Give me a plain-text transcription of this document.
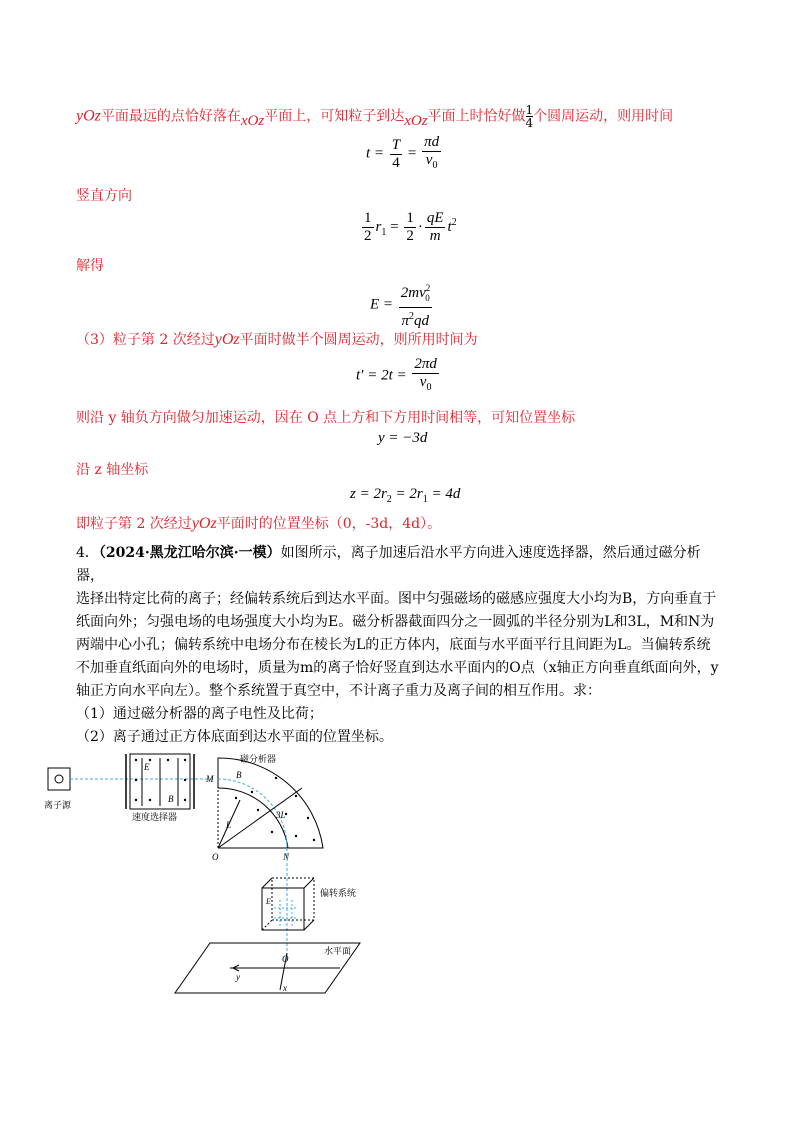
yOz平面最远的点恰好落在xOz平面上，可知粒子到达xOz平面上时恰好做 $\frac{1}{4}$ 个圆周运动，则用时间
$t = \frac{T}{4} = \frac{\pi d}{v_0}$
竖直方向
$\frac{1}{2} r_1 = \frac{1}{2} \cdot \frac{qE}{m} t^2$
解得
$E = \frac{2mv^2_0}{\pi^2qd}$
（3）粒子第 2 次经过yOz平面时做半个圆周运动，则所用时间为
$t' = 2t = \frac{2\pi d}{v_0}$
则沿 y 轴负方向做匀加速运动，因在 O 点上方和下方用时间相等，可知位置坐标
y = −3d
沿 z 轴坐标
$z = 2r_2 = 2r_1 = 4d$
即粒子第 2 次经过yOz平面时的位置坐标（0，-3d，4d）。

4．（2024·黑龙江哈尔滨·一模）如图所示，离子加速后沿水平方向进入速度选择器，然后通过磁分析器，

选择出特定比荷的离子；经偏转系统后到达水平面。图中匀强磁场的磁感应强度大小均为B，方向垂直于

纸面向外；匀强电场的电场强度大小均为E。磁分析器截面四分之一圆弧的半径分别为L和3L，M和N为

两端中心小孔；偏转系统中电场分布在棱长为L的正方体内，底面与水平面平行且间距为L。当偏转系统

不加垂直纸面向外的电场时，质量为m的离子恰好竖直到达水平面内的O点（x轴正方向垂直纸面向外，y

轴正方向水平向左）。整个系统置于真空中，不计离子重力及离子间的相互作用。求：

（1）通过磁分析器的离子电性及比荷；

（2）离子通过正方体底面到达水平面的位置坐标。

离子源
E
B
速度选择器
磁分析器
M	B
L
3L
O	N
偏转系统
E
水平面
y
x
O
